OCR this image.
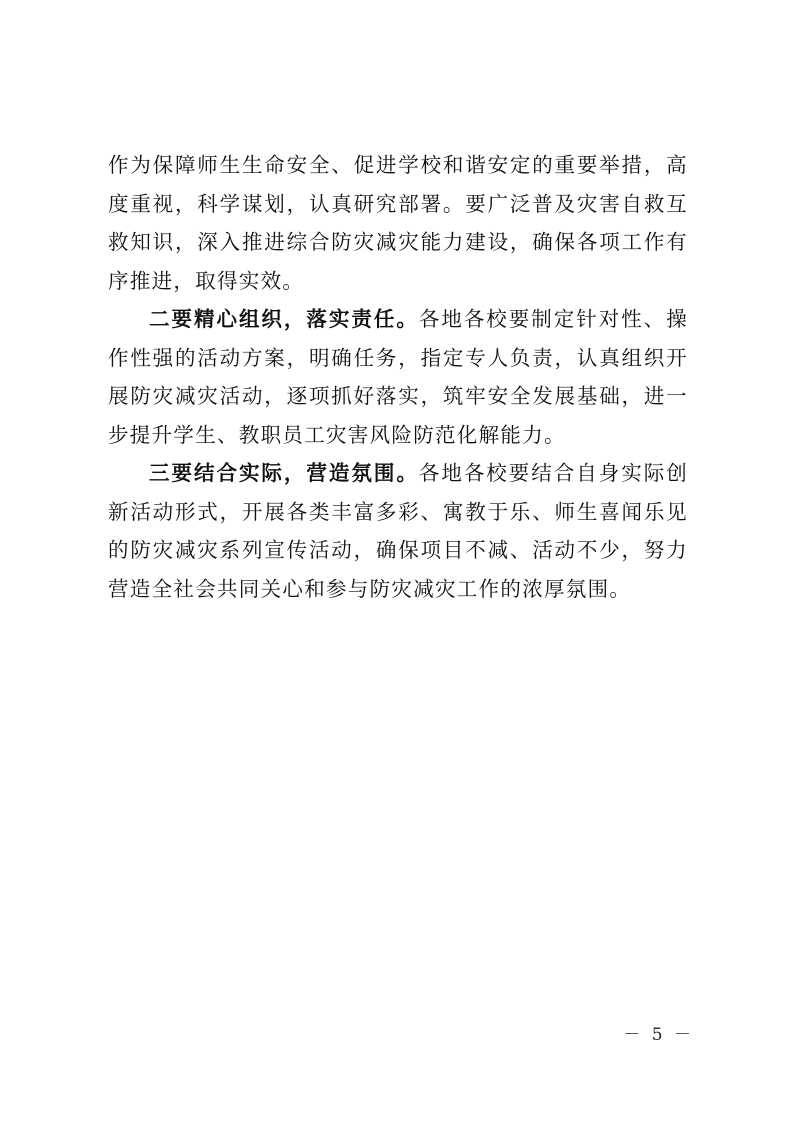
作为保障师生生命安全、促进学校和谐安定的重要举措，高度重视，科学谋划，认真研究部署。要广泛普及灾害自救互救知识，深入推进综合防灾减灾能力建设，确保各项工作有序推进，取得实效。

二要精心组织，落实责任。各地各校要制定针对性、操作性强的活动方案，明确任务，指定专人负责，认真组织开展防灾减灾活动，逐项抓好落实，筑牢安全发展基础，进一步提升学生、教职员工灾害风险防范化解能力。

三要结合实际，营造氛围。各地各校要结合自身实际创新活动形式，开展各类丰富多彩、寓教于乐、师生喜闻乐见的防灾减灾系列宣传活动，确保项目不减、活动不少，努力营造全社会共同关心和参与防灾减灾工作的浓厚氛围。

－ 5 －
